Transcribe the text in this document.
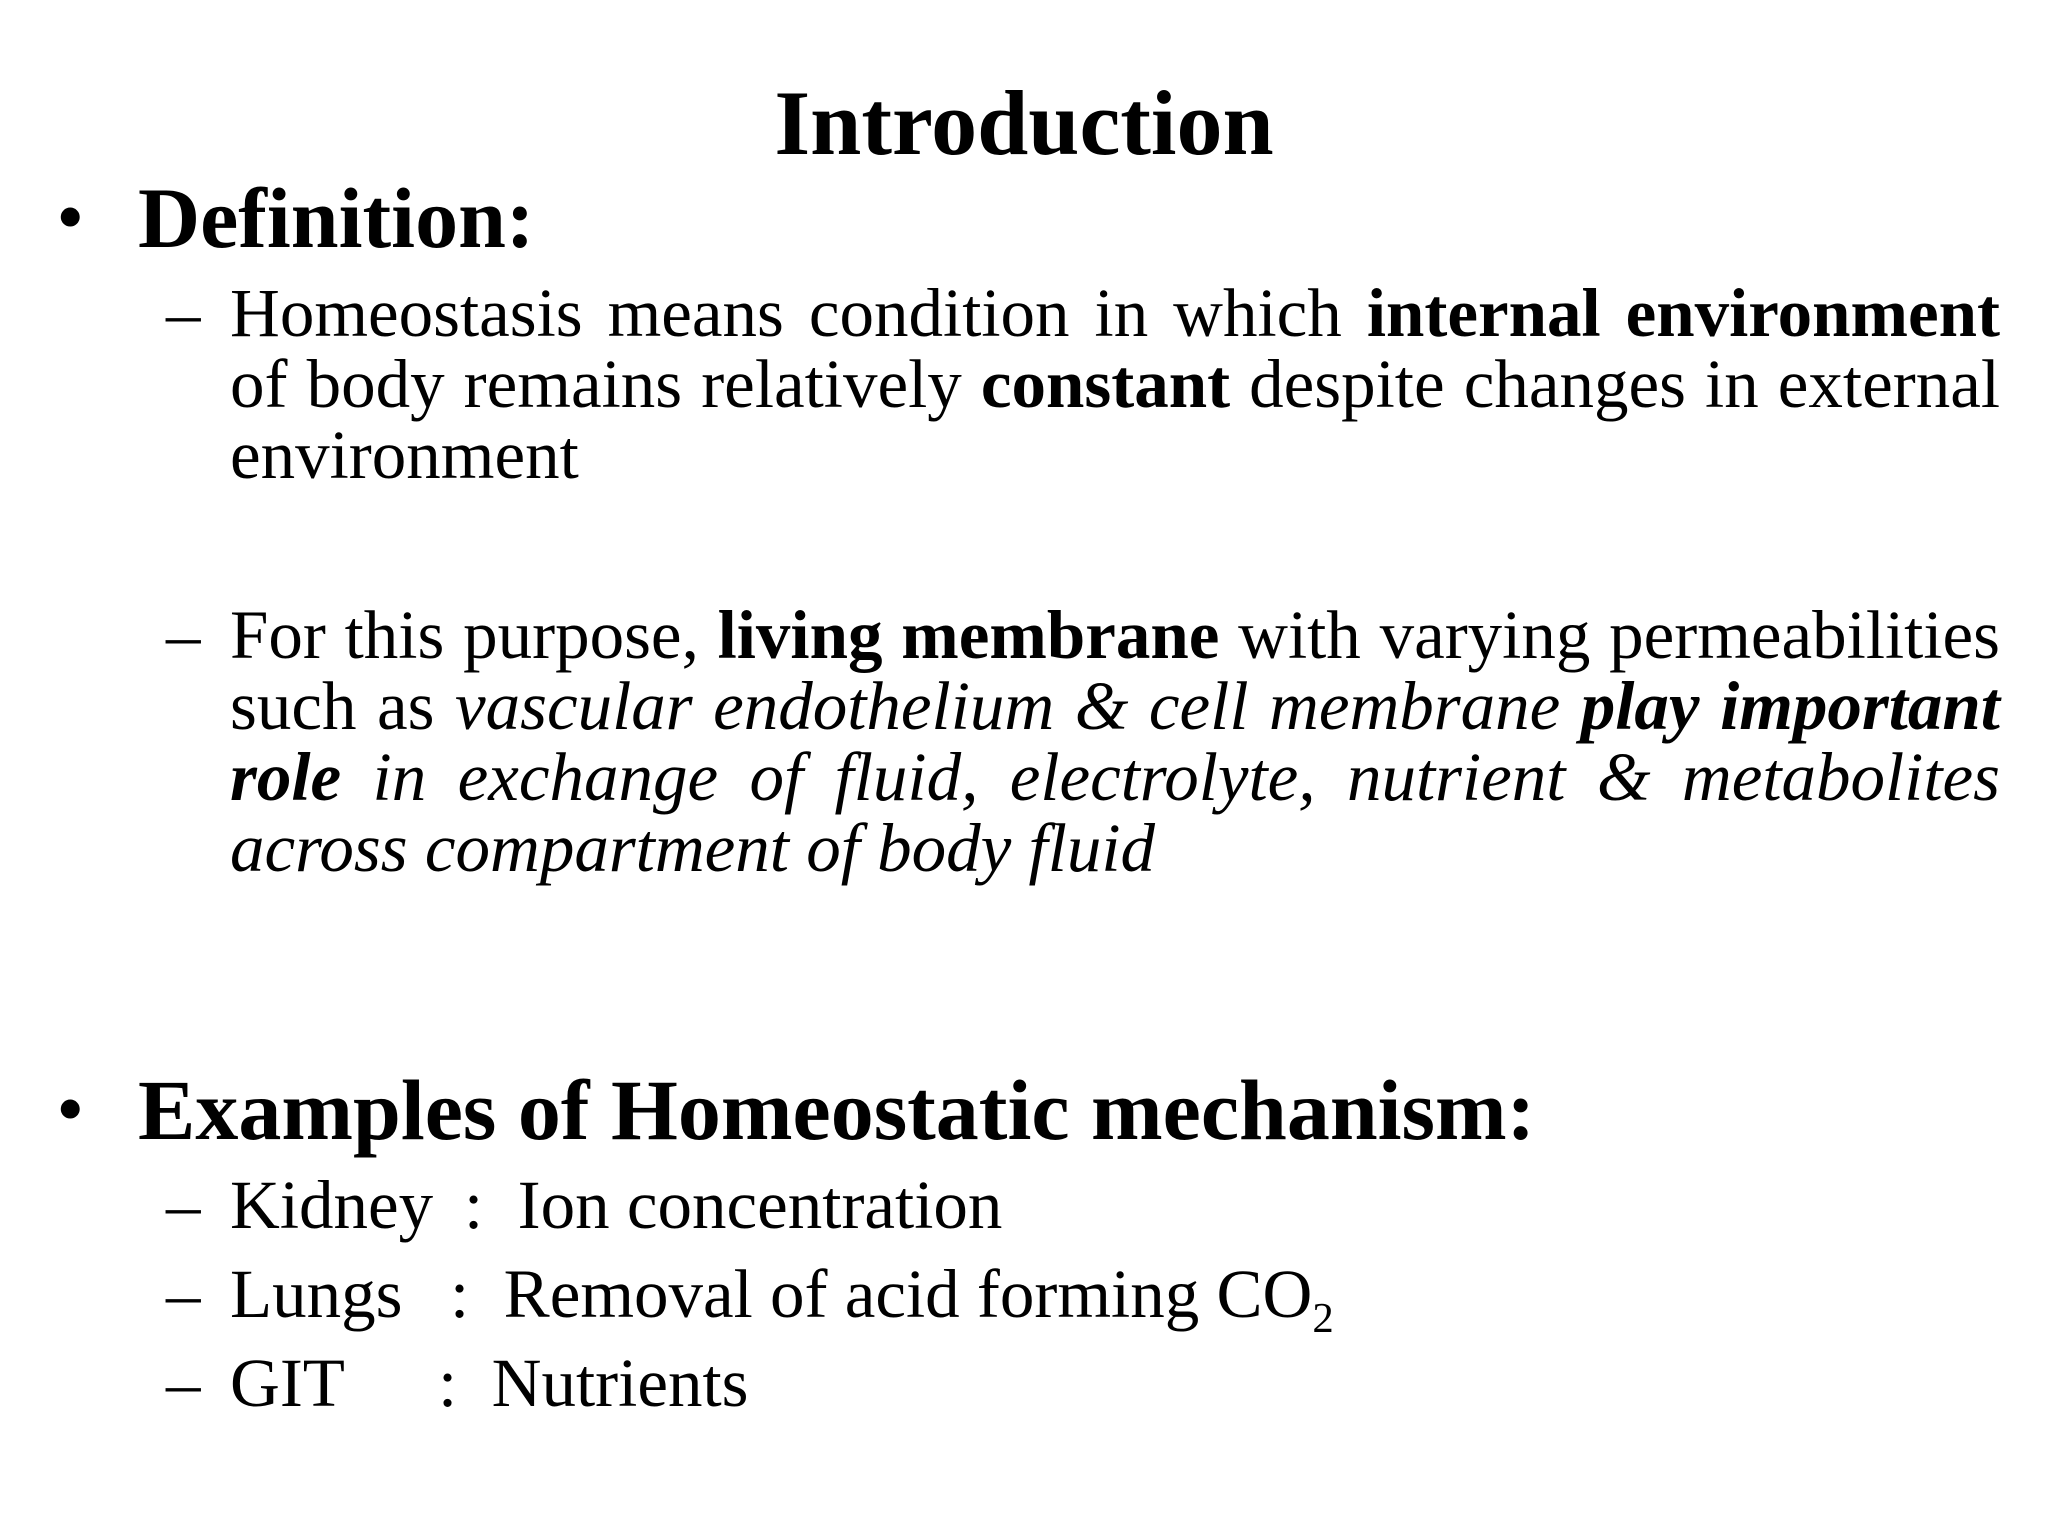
Introduction
• Definition:
– Homeostasis means condition in which internal environment of body remains relatively constant despite changes in external environment
– For this purpose, living membrane with varying permeabilities such as vascular endothelium & cell membrane play important role in exchange of fluid, electrolyte, nutrient & metabolites across compartment of body fluid
• Examples of Homeostatic mechanism:
– Kidney : Ion concentration
– Lungs : Removal of acid forming $CO_2$
– GIT : Nutrients
